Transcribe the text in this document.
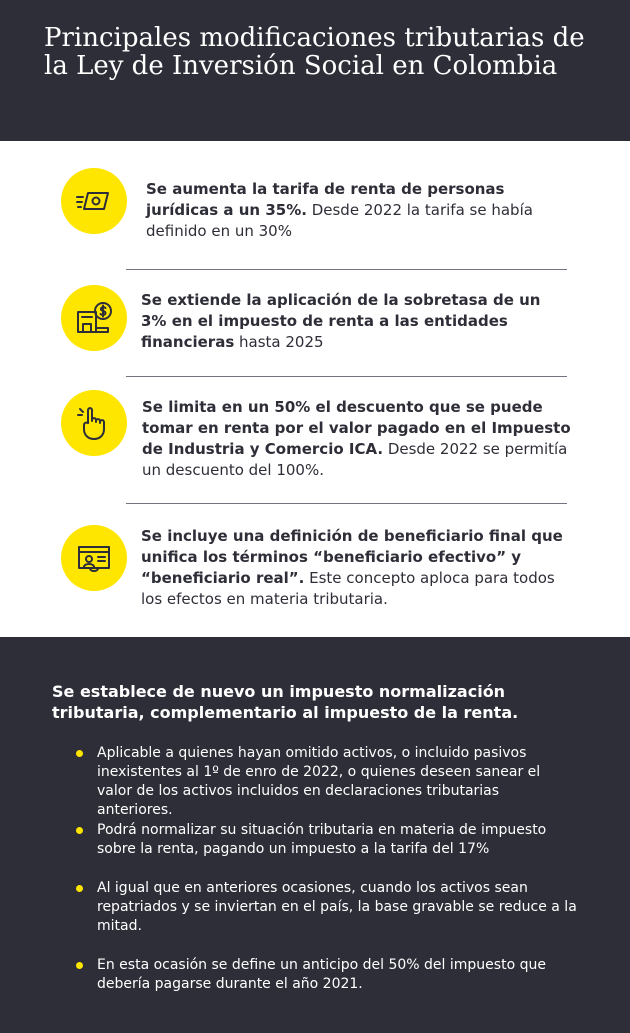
Principales modificaciones tributarias de la Ley de Inversión Social en Colombia

Se aumenta la tarifa de renta de personas jurídicas a un 35%. Desde 2022 la tarifa se había definido en un 30%

Se extiende la aplicación de la sobretasa de un 3% en el impuesto de renta a las entidades financieras hasta 2025

Se limita en un 50% el descuento que se puede tomar en renta por el valor pagado en el Impuesto de Industria y Comercio ICA. Desde 2022 se permitía un descuento del 100%.

Se incluye una definición de beneficiario final que unifica los términos “beneficiario efectivo” y “beneficiario real”. Este concepto aploca para todos los efectos en materia tributaria.

Se establece de nuevo un impuesto normalización tributaria, complementario al impuesto de la renta.

Aplicable a quienes hayan omitido activos, o incluido pasivos inexistentes al 1º de enro de 2022, o quienes deseen sanear el valor de los activos incluidos en declaraciones tributarias anteriores.

Podrá normalizar su situación tributaria en materia de impuesto sobre la renta, pagando un impuesto a la tarifa del 17%

Al igual que en anteriores ocasiones, cuando los activos sean repatriados y se inviertan en el país, la base gravable se reduce a la mitad.

En esta ocasión se define un anticipo del 50% del impuesto que debería pagarse durante el año 2021.
